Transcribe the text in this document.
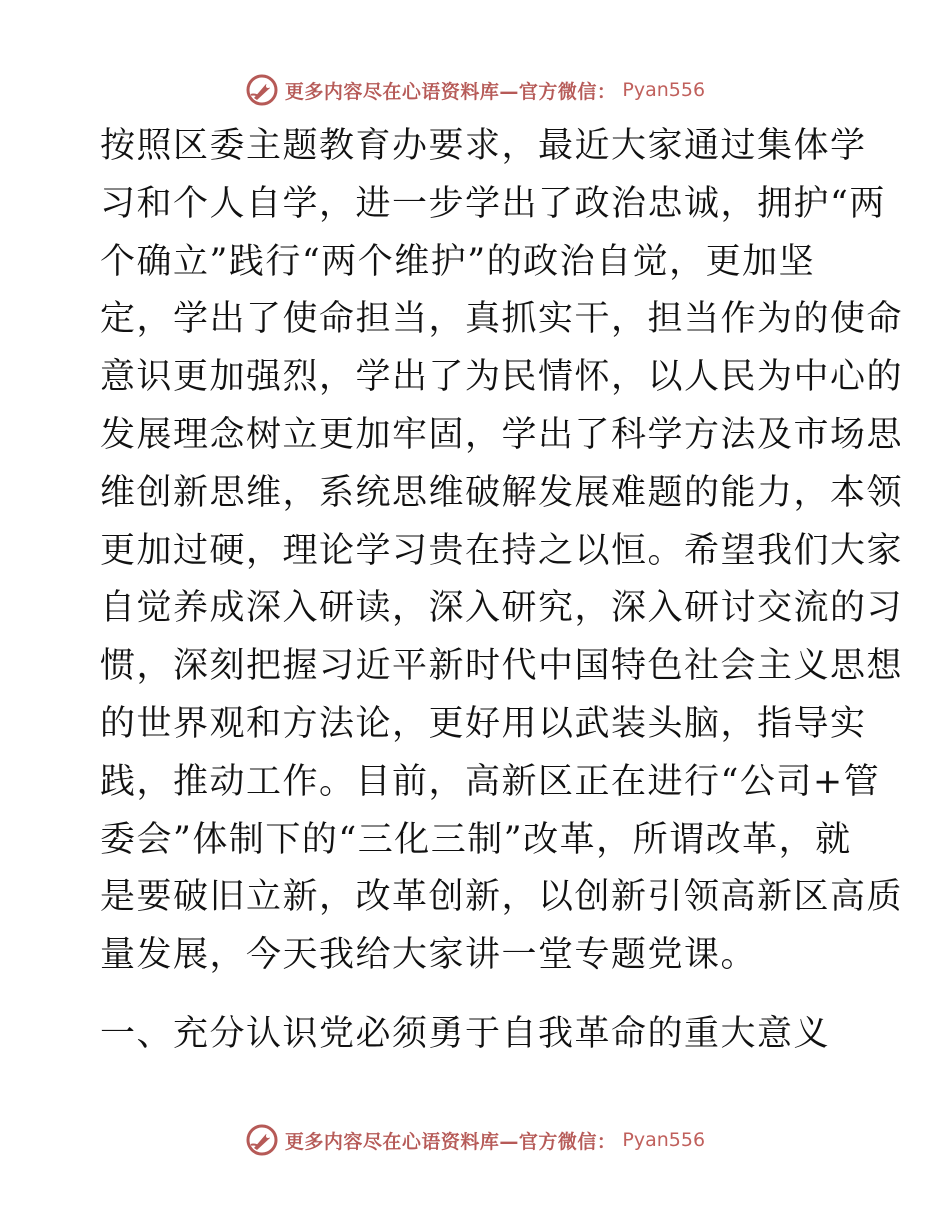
更多内容尽在心语资料库—官方微信： Pyan556
按照区委主题教育办要求，最近大家通过集体学
习和个人自学，进一步学出了政治忠诚，拥护“两
个确立”践行“两个维护”的政治自觉，更加坚
定，学出了使命担当，真抓实干，担当作为的使命
意识更加强烈，学出了为民情怀，以人民为中心的
发展理念树立更加牢固，学出了科学方法及市场思
维创新思维，系统思维破解发展难题的能力，本领
更加过硬，理论学习贵在持之以恒。希望我们大家
自觉养成深入研读，深入研究，深入研讨交流的习
惯，深刻把握习近平新时代中国特色社会主义思想
的世界观和方法论，更好用以武装头脑，指导实
践，推动工作。目前，高新区正在进行“公司+管
委会”体制下的“三化三制”改革，所谓改革，就
是要破旧立新，改革创新，以创新引领高新区高质
量发展，今天我给大家讲一堂专题党课。
一、充分认识党必须勇于自我革命的重大意义
更多内容尽在心语资料库—官方微信： Pyan556
